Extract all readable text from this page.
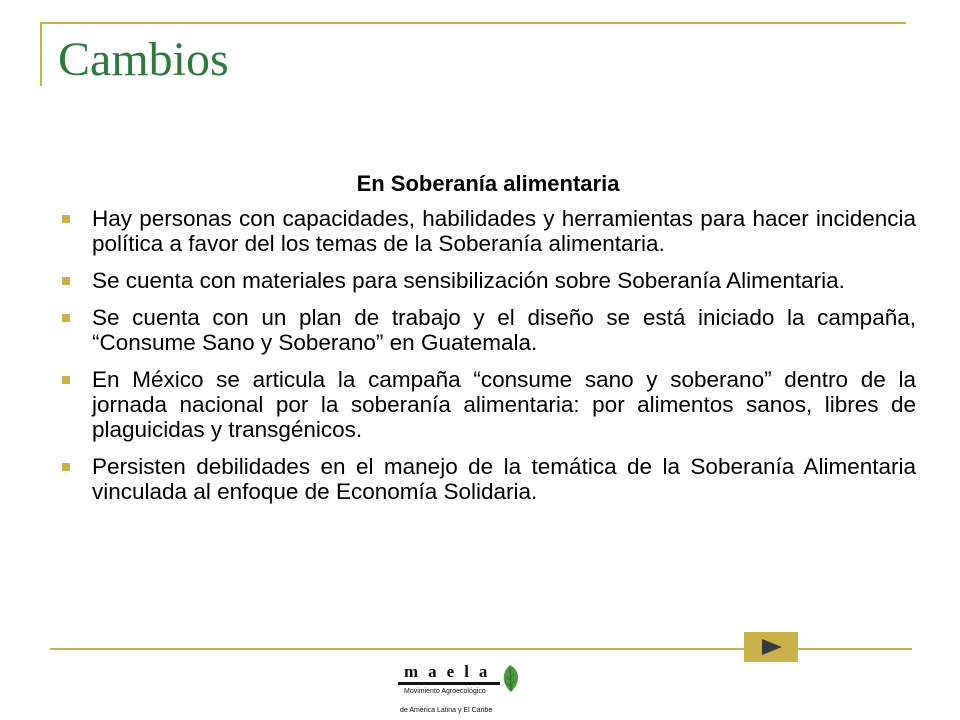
Cambios
En Soberanía alimentaria
Hay personas con capacidades, habilidades y herramientas para hacer incidencia política a favor del los temas de la Soberanía alimentaria.
Se cuenta con materiales para sensibilización sobre Soberanía Alimentaria.
Se cuenta con un plan de trabajo y el diseño se está iniciado la campaña, “Consume Sano y Soberano” en Guatemala.
En México se articula la campaña “consume sano y soberano” dentro de la jornada nacional por la soberanía alimentaria: por alimentos sanos, libres de plaguicidas y transgénicos.
Persisten debilidades en el manejo de la temática de la Soberanía Alimentaria vinculada al enfoque de Economía Solidaria.
maela
Movimiento Agroecológico
de América Latina y El Caribe
